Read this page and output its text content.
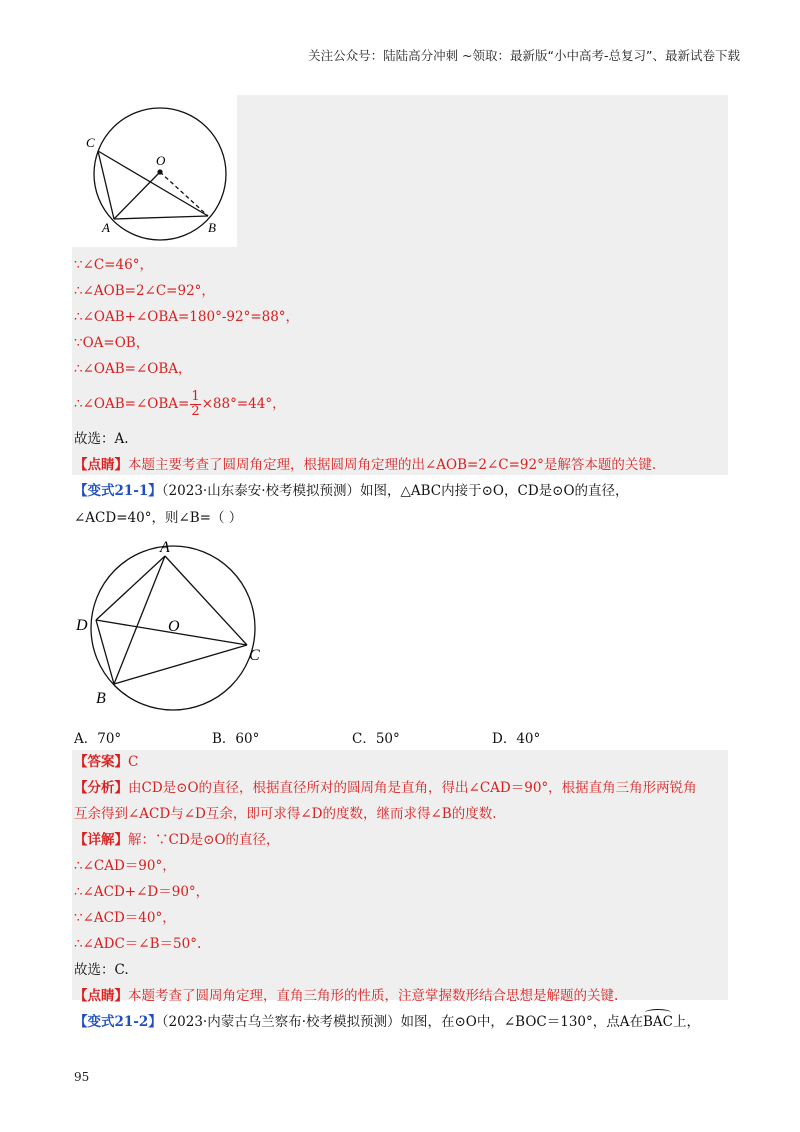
关注公众号：陆陆高分冲刺 ~领取：最新版“小中高考-总复习”、最新试卷下载
C
O
A	B
∵∠C=46°，
∴∠AOB=2∠C=92°，
∴∠OAB+∠OBA=180°-92°=88°，
∵OA=OB，
∴∠OAB=∠OBA，
∴∠OAB=∠OBA= $\frac{1}{2} \times 88^\circ=44^\circ$，
故选：A.
【点睛】本题主要考查了圆周角定理，根据圆周角定理的出∠AOB=2∠C=92°是解答本题的关键.
【变式21-1】（2023·山东泰安·校考模拟预测）如图，△ABC内接于⊙O，CD是⊙O的直径，
∠ACD=40°，则∠B=（ ）
A
D	O
C
B
A．70°	B．60°	C．50°	D．40°
【答案】C
【分析】由CD是⊙O的直径，根据直径所对的圆周角是直角，得出∠CAD＝90°，根据直角三角形两锐角
互余得到∠ACD与∠D互余，即可求得∠D的度数，继而求得∠B的度数.
【详解】解：∵CD是⊙O的直径，
∴∠CAD＝90°，
∴∠ACD+∠D＝90°，
∵∠ACD＝40°，
∴∠ADC＝∠B＝50°.
故选：C.
【点睛】本题考查了圆周角定理，直角三角形的性质，注意掌握数形结合思想是解题的关键.
【变式21-2】（2023·内蒙古乌兰察布·校考模拟预测）如图，在⊙O中，∠BOC＝130°，点A在BAC上，
95
